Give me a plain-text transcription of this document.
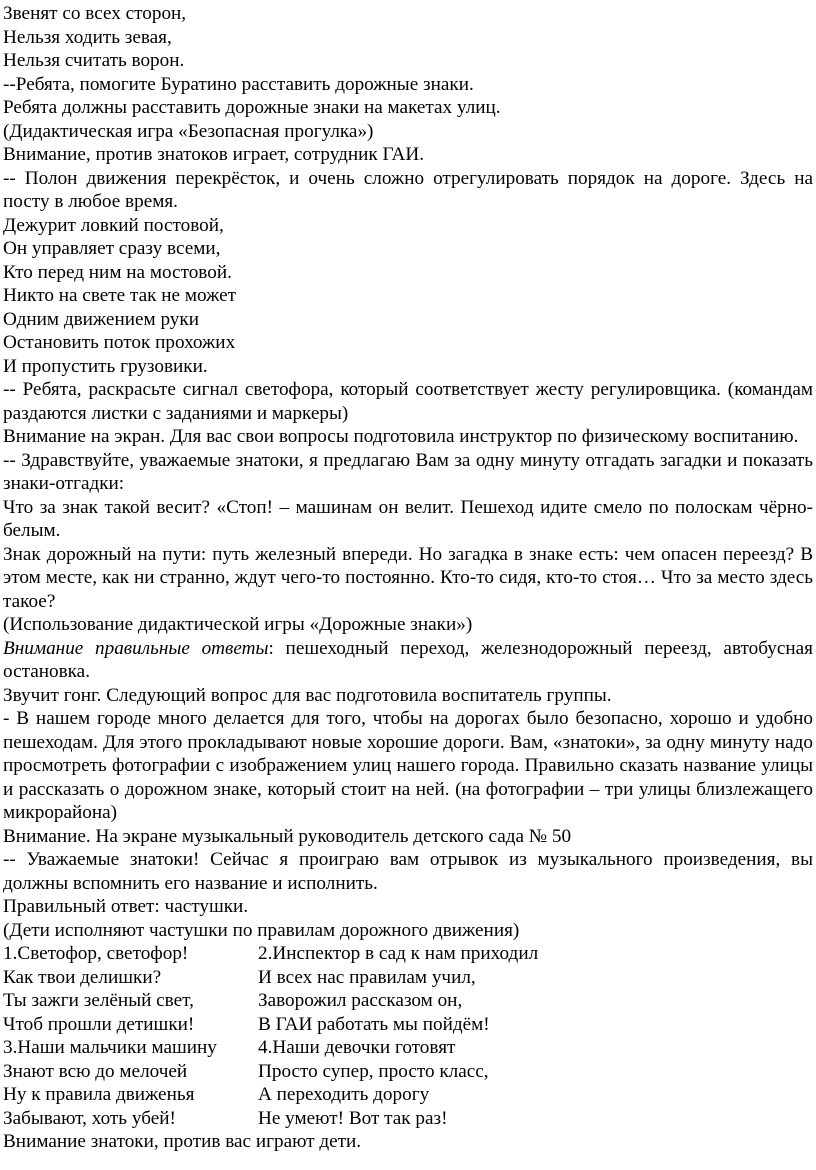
Звенят со всех сторон,

Нельзя ходить зевая,

Нельзя считать ворон.

--Ребята, помогите Буратино расставить дорожные знаки.

Ребята должны расставить дорожные знаки на макетах улиц.

(Дидактическая игра «Безопасная прогулка»)

Внимание, против знатоков играет, сотрудник ГАИ.

-- Полон движения перекрёсток, и очень сложно отрегулировать порядок на дороге. Здесь на посту в любое время.

Дежурит ловкий постовой,

Он управляет сразу всеми,

Кто перед ним на мостовой.

Никто на свете так не может

Одним движением руки

Остановить поток прохожих

И пропустить грузовики.

-- Ребята, раскрасьте сигнал светофора, который соответствует жесту регулировщика. (командам раздаются листки с заданиями и маркеры)

Внимание на экран. Для вас свои вопросы подготовила инструктор по физическому воспитанию.

-- Здравствуйте, уважаемые знатоки, я предлагаю Вам за одну минуту отгадать загадки и показать знаки-отгадки:

Что за знак такой весит? «Стоп! – машинам он велит. Пешеход идите смело по полоскам чёрно-белым.

Знак дорожный на пути: путь железный впереди. Но загадка в знаке есть: чем опасен переезд? В этом месте, как ни странно, ждут чего-то постоянно. Кто-то сидя, кто-то стоя… Что за место здесь такое?

(Использование дидактической игры «Дорожные знаки»)

Внимание правильные ответы: пешеходный переход, железнодорожный переезд, автобусная остановка.

Звучит гонг. Следующий вопрос для вас подготовила воспитатель группы.

- В нашем городе много делается для того, чтобы на дорогах было безопасно, хорошо и удобно пешеходам. Для этого прокладывают новые хорошие дороги. Вам, «знатоки», за одну минуту надо просмотреть фотографии с изображением улиц нашего города. Правильно сказать название улицы и рассказать о дорожном знаке, который стоит на ней. (на фотографии – три улицы близлежащего микрорайона)

Внимание. На экране музыкальный руководитель детского сада № 50

-- Уважаемые знатоки! Сейчас я проиграю вам отрывок из музыкального произведения, вы должны вспомнить его название и исполнить.

Правильный ответ: частушки.

(Дети исполняют частушки по правилам дорожного движения)

1.Светофор, светофор!	2.Инспектор в сад к нам приходил
Как твои делишки?	И всех нас правилам учил,
Ты зажги зелёный свет,	Заворожил рассказом он,
Чтоб прошли детишки!	В ГАИ работать мы пойдём!
3.Наши мальчики машину	4.Наши девочки готовят
Знают всю до мелочей	Просто супер, просто класс,
Ну к правила движенья	А переходить дорогу
Забывают, хоть убей!	Не умеют! Вот так раз!

Внимание знатоки, против вас играют дети.
